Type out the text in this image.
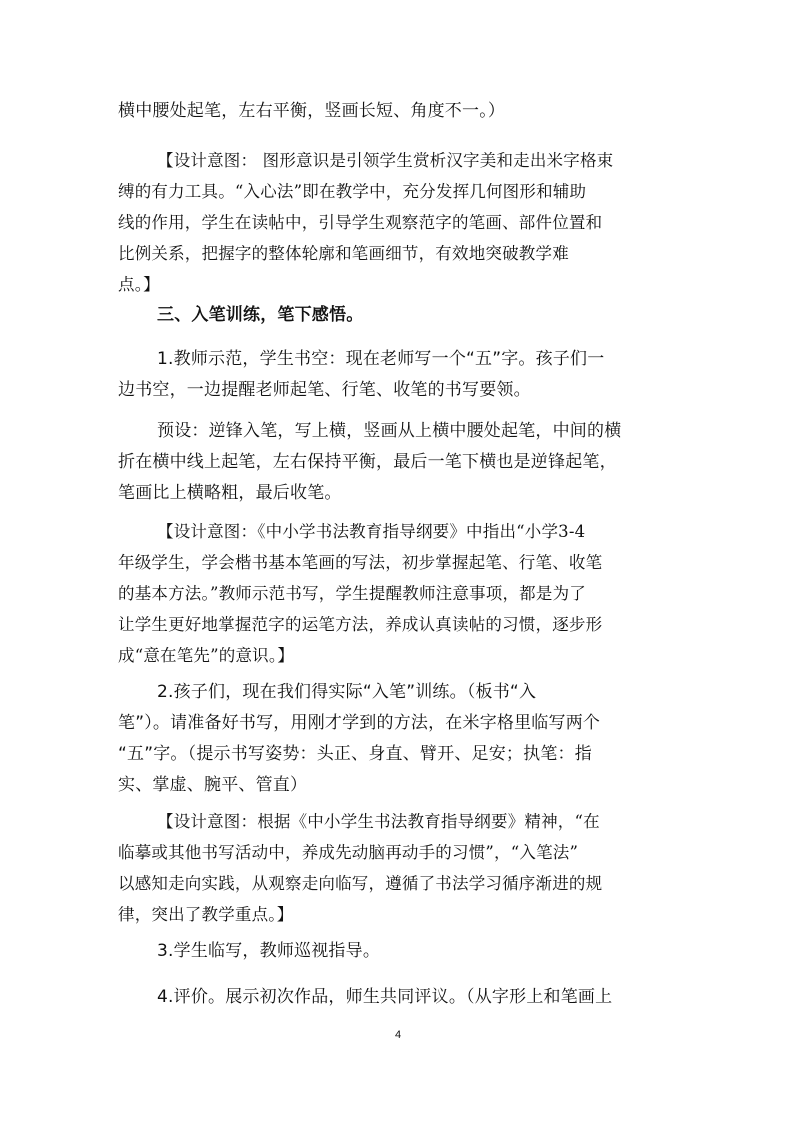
横中腰处起笔，左右平衡，竖画长短、角度不一。）
【设计意图： 图形意识是引领学生赏析汉字美和走出米字格束
缚的有力工具。“入心法”即在教学中，充分发挥几何图形和辅助
线的作用，学生在读帖中，引导学生观察范字的笔画、部件位置和
比例关系，把握字的整体轮廓和笔画细节，有效地突破教学难
点。】
三、入笔训练，笔下感悟。
1.教师示范，学生书空：现在老师写一个“五”字。孩子们一
边书空，一边提醒老师起笔、行笔、收笔的书写要领。
预设：逆锋入笔，写上横，竖画从上横中腰处起笔，中间的横
折在横中线上起笔，左右保持平衡，最后一笔下横也是逆锋起笔，
笔画比上横略粗，最后收笔。
【设计意图：《中小学书法教育指导纲要》中指出“小学3-4
年级学生，学会楷书基本笔画的写法，初步掌握起笔、行笔、收笔
的基本方法。”教师示范书写，学生提醒教师注意事项，都是为了
让学生更好地掌握范字的运笔方法，养成认真读帖的习惯，逐步形
成“意在笔先”的意识。】
2.孩子们，现在我们得实际“入笔”训练。（板书“入
笔”）。请准备好书写，用刚才学到的方法，在米字格里临写两个
“五”字。（提示书写姿势：头正、身直、臂开、足安；执笔：指
实、掌虚、腕平、管直）
【设计意图：根据《中小学生书法教育指导纲要》精神，“在
临摹或其他书写活动中，养成先动脑再动手的习惯”，“入笔法”
以感知走向实践，从观察走向临写，遵循了书法学习循序渐进的规
律，突出了教学重点。】
3.学生临写，教师巡视指导。
4.评价。展示初次作品，师生共同评议。（从字形上和笔画上
4
